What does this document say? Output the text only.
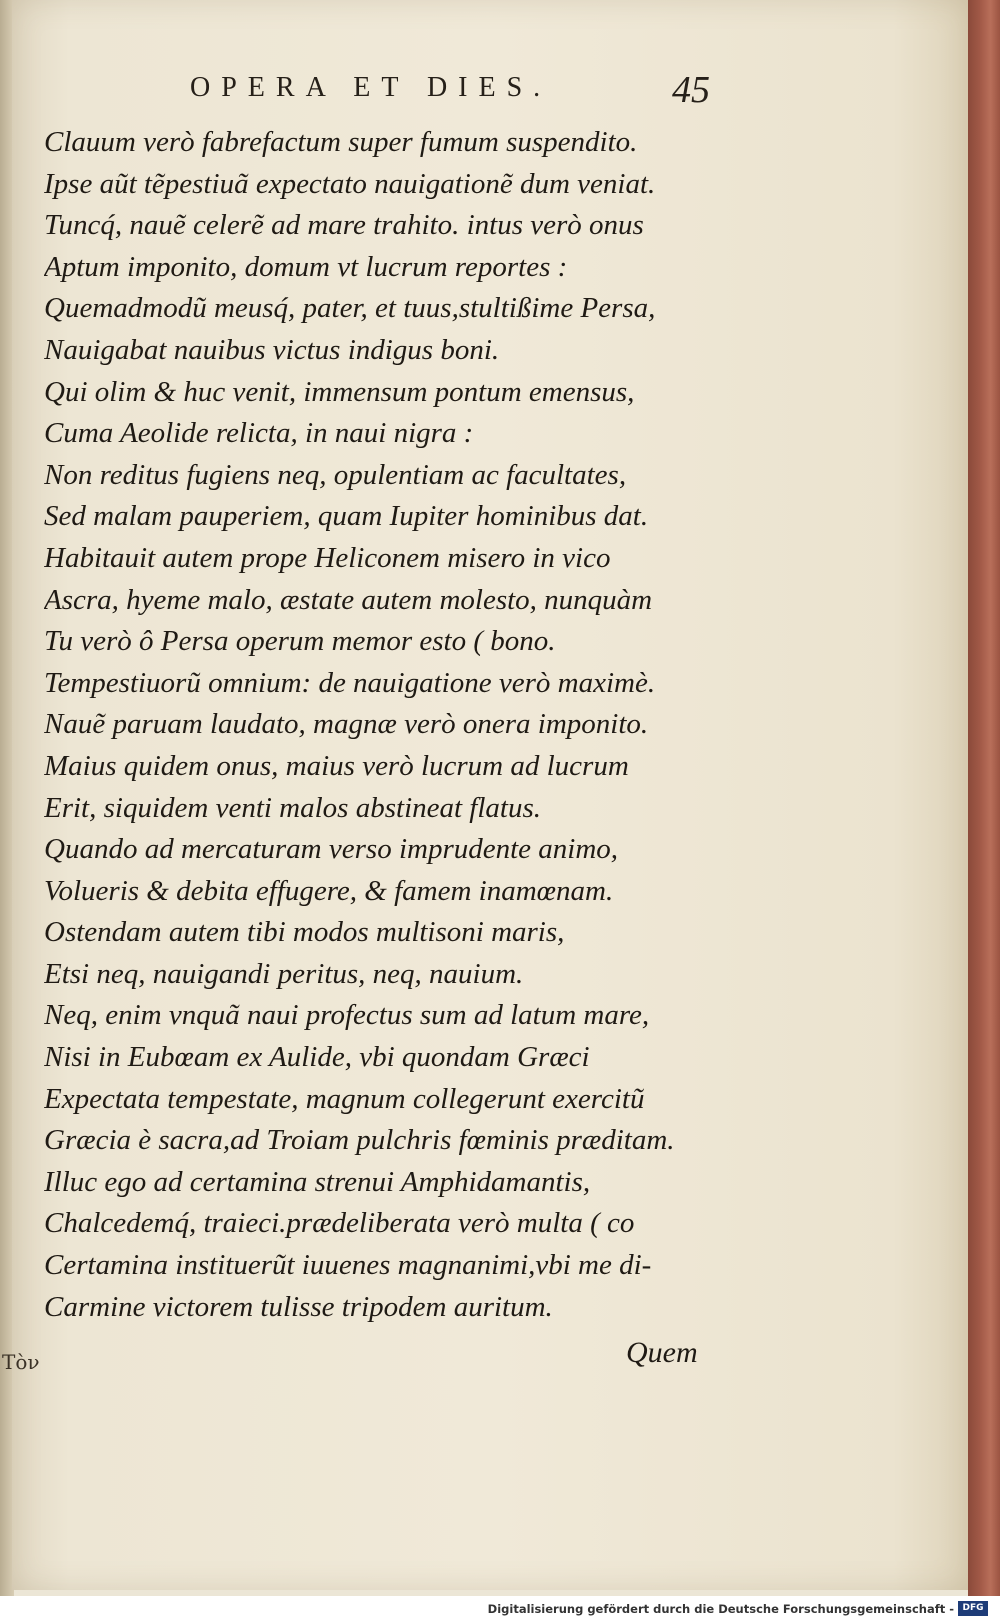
OPERA ET DIES.	45
Clauum verò fabrefactum super fumum suspendito.
Ipse aũt tẽpestiuã expectato nauigationẽ dum veniat.
Tuncq́, nauẽ celerẽ ad mare trahito. intus verò onus
Aptum imponito, domum vt lucrum reportes :
Quemadmodũ meusq́, pater, et tuus,stultißime Persa,
Nauigabat nauibus victus indigus boni.
Qui olim & huc venit, immensum pontum emensus,
Cuma Aeolide relicta, in naui nigra :
Non reditus fugiens neq, opulentiam ac facultates,
Sed malam pauperiem, quam Iupiter hominibus dat.
Habitauit autem prope Heliconem misero in vico
Ascra, hyeme malo, æstate autem molesto, nunquàm
Tu verò ô Persa operum memor esto ( bono.
Tempestiuorũ omnium: de nauigatione verò maximè.
Nauẽ paruam laudato, magnæ verò onera imponito.
Maius quidem onus, maius verò lucrum ad lucrum
Erit, siquidem venti malos abstineat flatus.
Quando ad mercaturam verso imprudente animo,
Volueris & debita effugere, & famem inamœnam.
Ostendam autem tibi modos multisoni maris,
Etsi neq, nauigandi peritus, neq, nauium.
Neq, enim vnquã naui profectus sum ad latum mare,
Nisi in Eubœam ex Aulide, vbi quondam Græci
Expectata tempestate, magnum collegerunt exercitũ
Græcia è sacra,ad Troiam pulchris fœminis præditam.
Illuc ego ad certamina strenui Amphidamantis,
Chalcedemq́, traieci.prædeliberata verò multa ( co
Certamina instituerũt iuuenes magnanimi,vbi me di-
Carmine victorem tulisse tripodem auritum.
Quem
Τὸν
Digitalisierung gefördert durch die Deutsche Forschungsgemeinschaft - DFG
